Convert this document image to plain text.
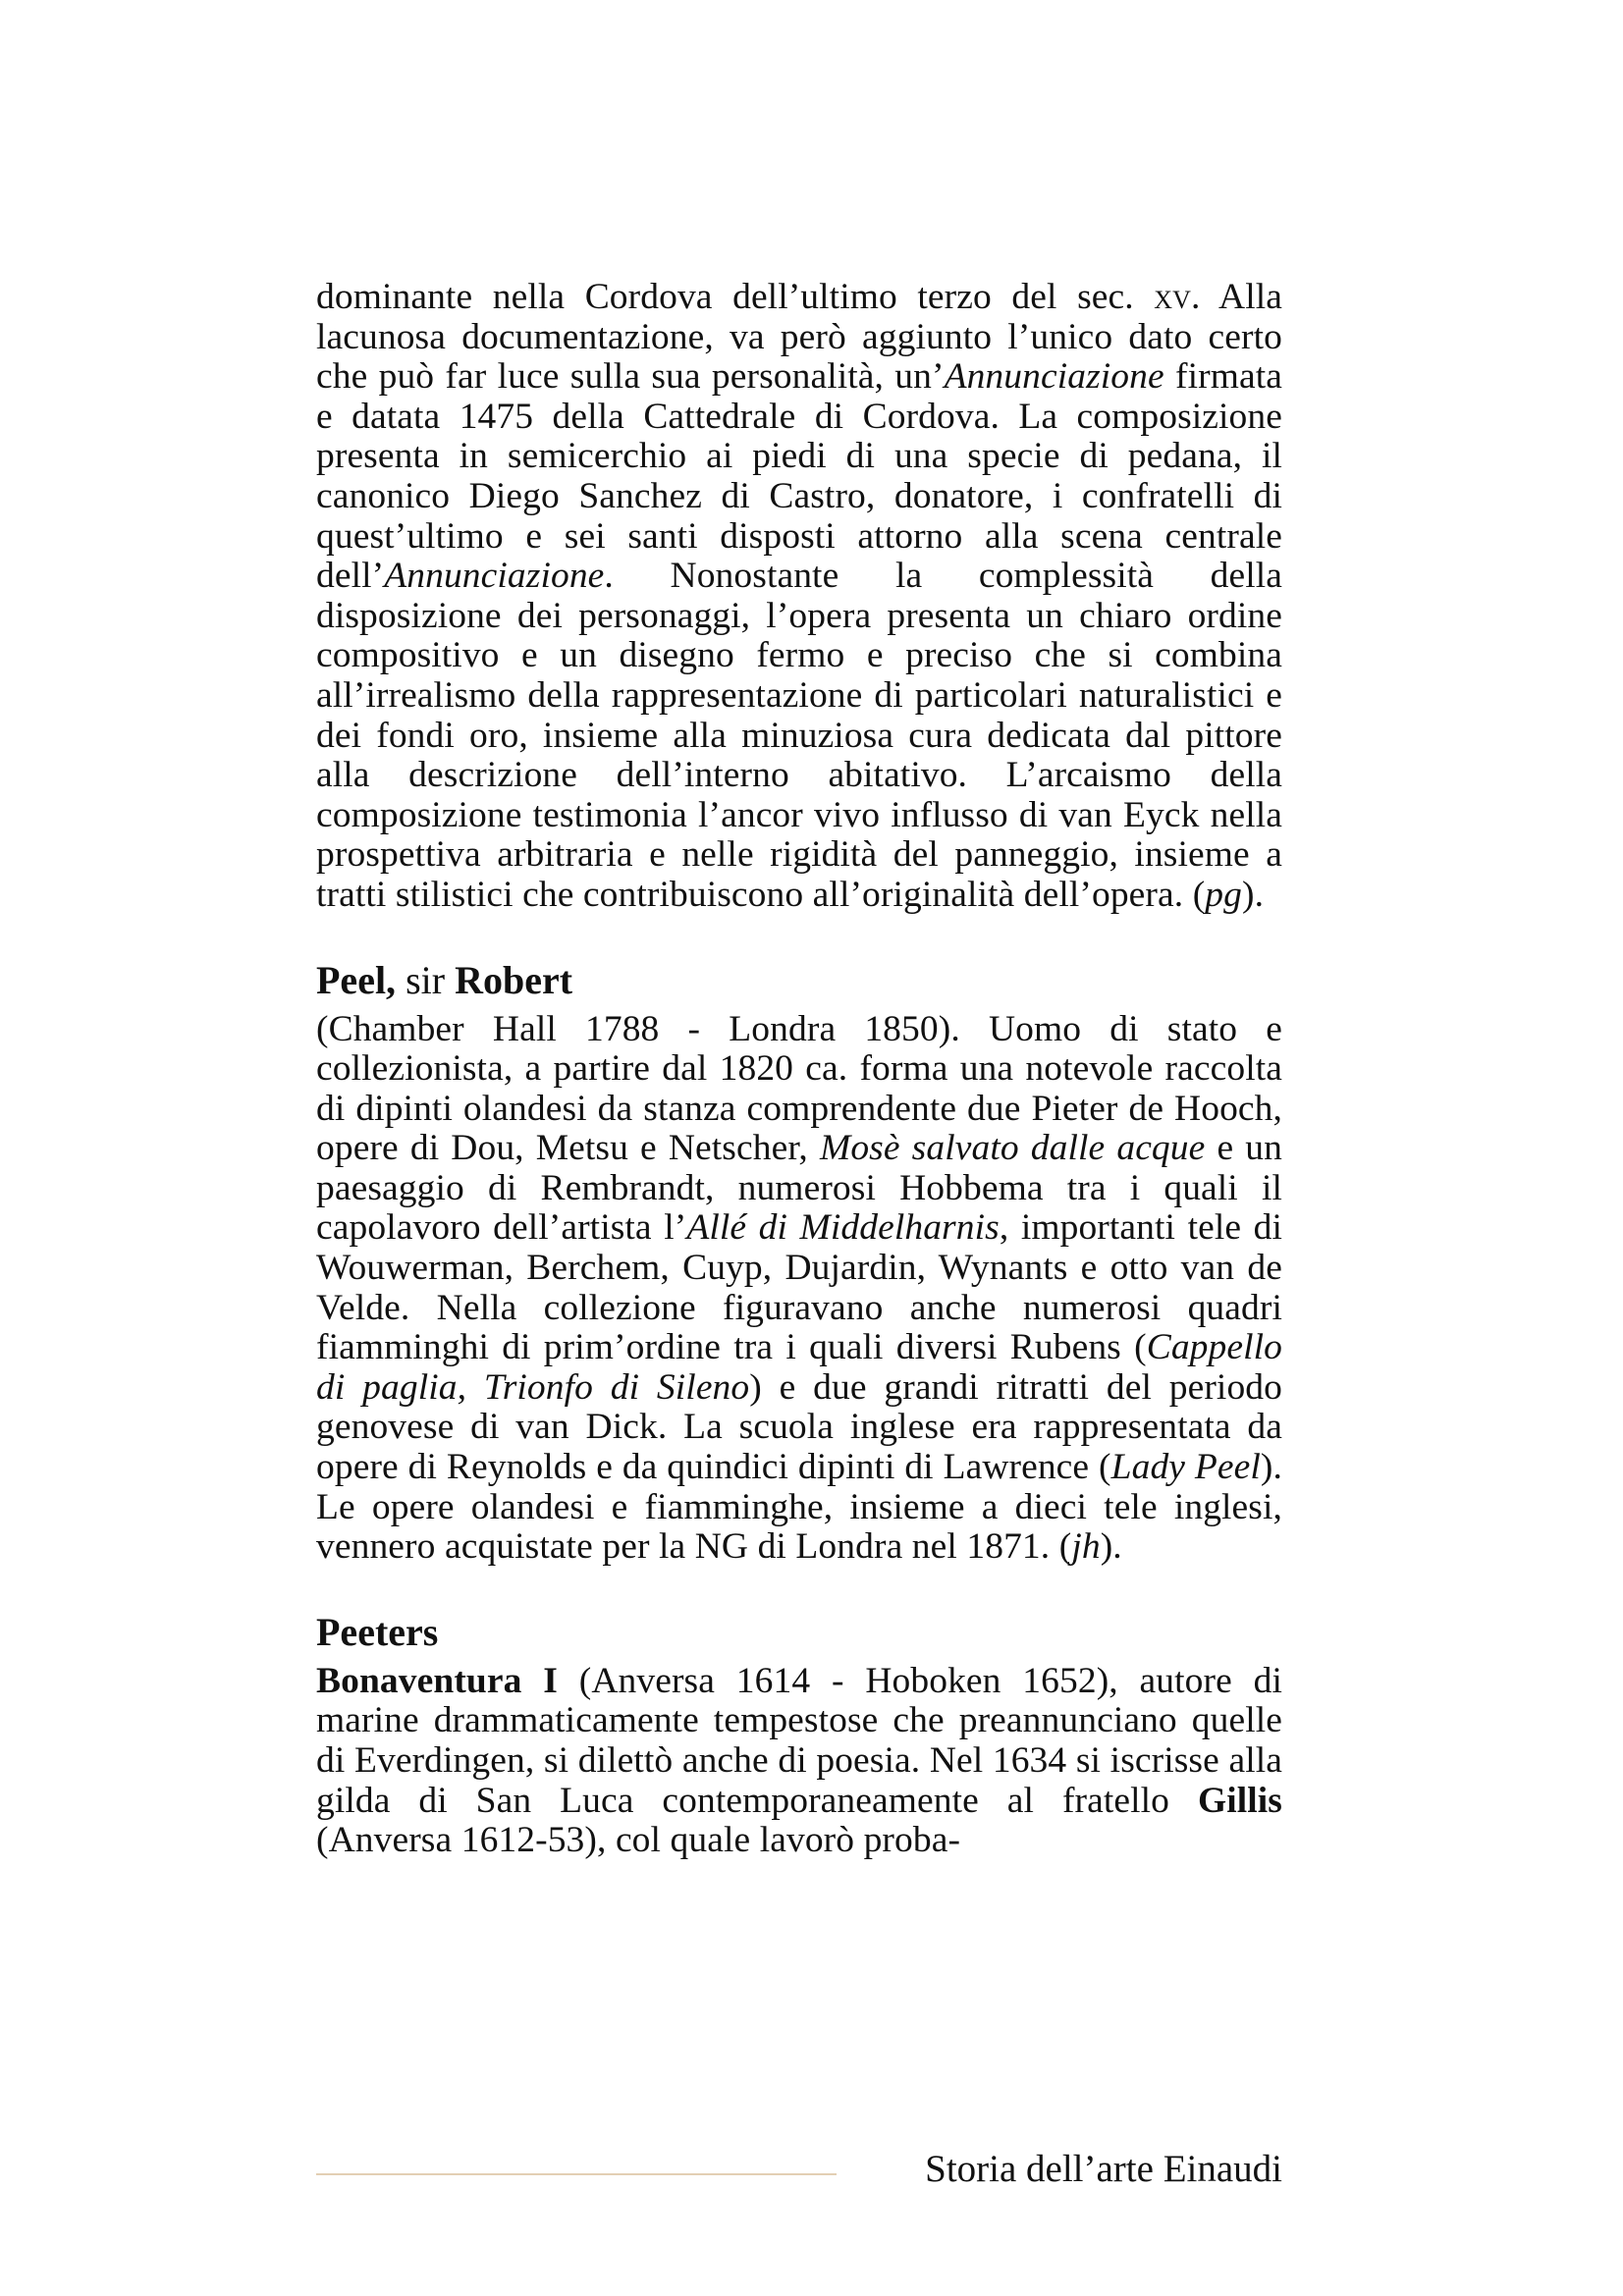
dominante nella Cordova dell’ultimo terzo del sec. xv. Alla lacunosa documentazione, va però aggiunto l’unico dato certo che può far luce sulla sua personalità, un’Annunciazione firmata e datata 1475 della Cattedrale di Cordova. La composizione presenta in semicerchio ai piedi di una specie di pedana, il canonico Diego Sanchez di Castro, donatore, i confratelli di quest’ultimo e sei santi disposti attorno alla scena centrale dell’Annunciazione. Nonostante la complessità della disposizione dei personaggi, l’opera presenta un chiaro ordine compositivo e un disegno fermo e preciso che si combina all’irrealismo della rappresentazione di particolari naturalistici e dei fondi oro, insieme alla minuziosa cura dedicata dal pittore alla descrizione dell’interno abitativo. L’arcaismo della composizione testimonia l’ancor vivo influsso di van Eyck nella prospettiva arbitraria e nelle rigidità del panneggio, insieme a tratti stilistici che contribuiscono all’originalità dell’opera. (pg).

Peel, sir Robert

(Chamber Hall 1788 - Londra 1850). Uomo di stato e collezionista, a partire dal 1820 ca. forma una notevole raccolta di dipinti olandesi da stanza comprendente due Pieter de Hooch, opere di Dou, Metsu e Netscher, Mosè salvato dalle acque e un paesaggio di Rembrandt, numerosi Hobbema tra i quali il capolavoro dell’artista l’Allé di Middelharnis, importanti tele di Wouwerman, Berchem, Cuyp, Dujardin, Wynants e otto van de Velde. Nella collezione figuravano anche numerosi quadri fiamminghi di prim’ordine tra i quali diversi Rubens (Cappello di paglia, Trionfo di Sileno) e due grandi ritratti del periodo genovese di van Dick. La scuola inglese era rappresentata da opere di Reynolds e da quindici dipinti di Lawrence (Lady Peel). Le opere olandesi e fiamminghe, insieme a dieci tele inglesi, vennero acquistate per la NG di Londra nel 1871. (jh).

Peeters

Bonaventura I (Anversa 1614 - Hoboken 1652), autore di marine drammaticamente tempestose che preannunciano quelle di Everdingen, si dilettò anche di poesia. Nel 1634 si iscrisse alla gilda di San Luca contemporaneamente al fratello Gillis (Anversa 1612-53), col quale lavorò proba-

Storia dell’arte Einaudi
